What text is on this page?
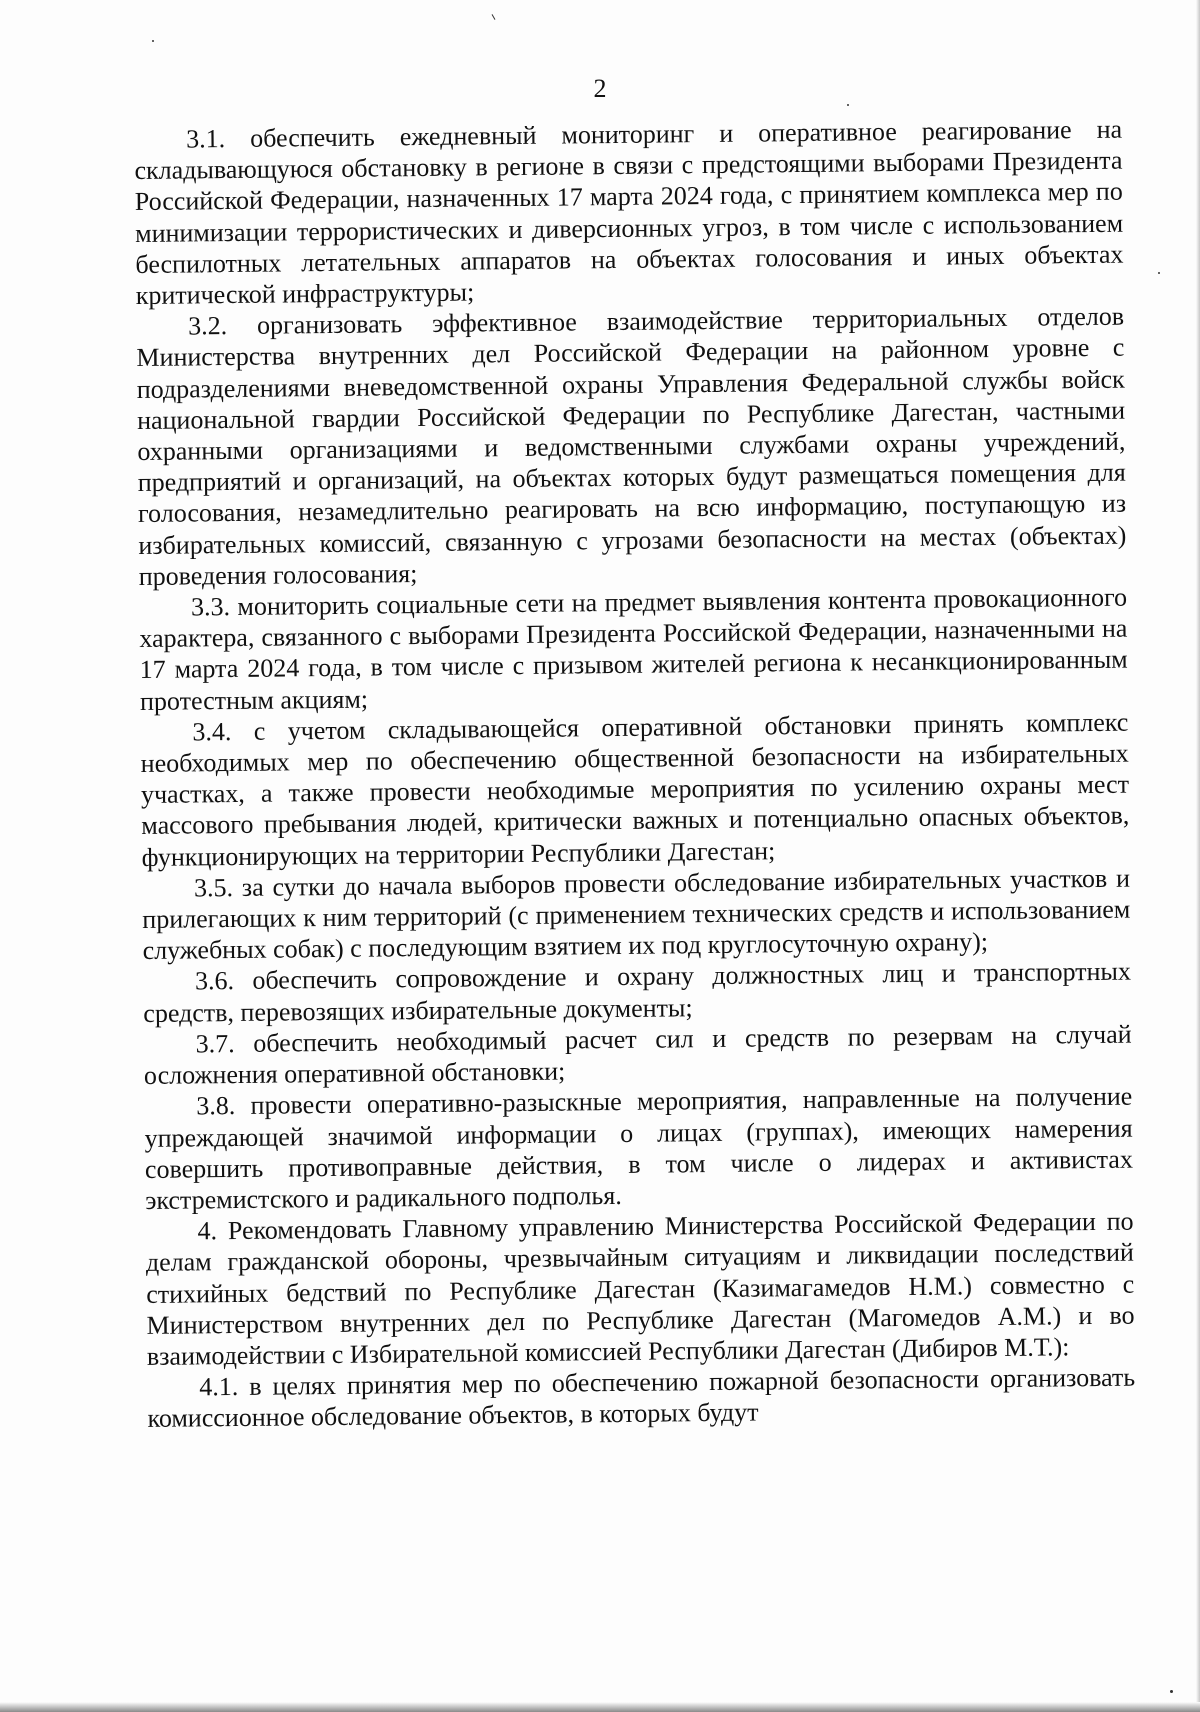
2

3.1. обеспечить ежедневный мониторинг и оперативное реагирование на складывающуюся обстановку в регионе в связи с предстоящими выборами Президента Российской Федерации, назначенных 17 марта 2024 года, с принятием комплекса мер по минимизации террористических и диверсионных угроз, в том числе с использованием беспилотных летательных аппаратов на объектах голосования и иных объектах критической инфраструктуры;

3.2. организовать эффективное взаимодействие территориальных отделов Министерства внутренних дел Российской Федерации на районном уровне с подразделениями вневедомственной охраны Управления Федеральной службы войск национальной гвардии Российской Федерации по Республике Дагестан, частными охранными организациями и ведомственными службами охраны учреждений, предприятий и организаций, на объектах которых будут размещаться помещения для голосования, незамедлительно реагировать на всю информацию, поступающую из избирательных комиссий, связанную с угрозами безопасности на местах (объектах) проведения голосования;

3.3. мониторить социальные сети на предмет выявления контента провокационного характера, связанного с выборами Президента Российской Федерации, назначенными на 17 марта 2024 года, в том числе с призывом жителей региона к несанкционированным протестным акциям;

3.4. с учетом складывающейся оперативной обстановки принять комплекс необходимых мер по обеспечению общественной безопасности на избирательных участках, а также провести необходимые мероприятия по усилению охраны мест массового пребывания людей, критически важных и потенциально опасных объектов, функционирующих на территории Республики Дагестан;

3.5. за сутки до начала выборов провести обследование избирательных участков и прилегающих к ним территорий (с применением технических средств и использованием служебных собак) с последующим взятием их под круглосуточную охрану);

3.6. обеспечить сопровождение и охрану должностных лиц и транспортных средств, перевозящих избирательные документы;

3.7. обеспечить необходимый расчет сил и средств по резервам на случай осложнения оперативной обстановки;

3.8. провести оперативно-разыскные мероприятия, направленные на получение упреждающей значимой информации о лицах (группах), имеющих намерения совершить противоправные действия, в том числе о лидерах и активистах экстремистского и радикального подполья.

4. Рекомендовать Главному управлению Министерства Российской Федерации по делам гражданской обороны, чрезвычайным ситуациям и ликвидации последствий стихийных бедствий по Республике Дагестан (Казимагамедов Н.М.) совместно с Министерством внутренних дел по Республике Дагестан (Магомедов А.М.) и во взаимодействии с Избирательной комиссией Республики Дагестан (Дибиров М.Т.):

4.1. в целях принятия мер по обеспечению пожарной безопасности организовать комиссионное обследование объектов, в которых будут
